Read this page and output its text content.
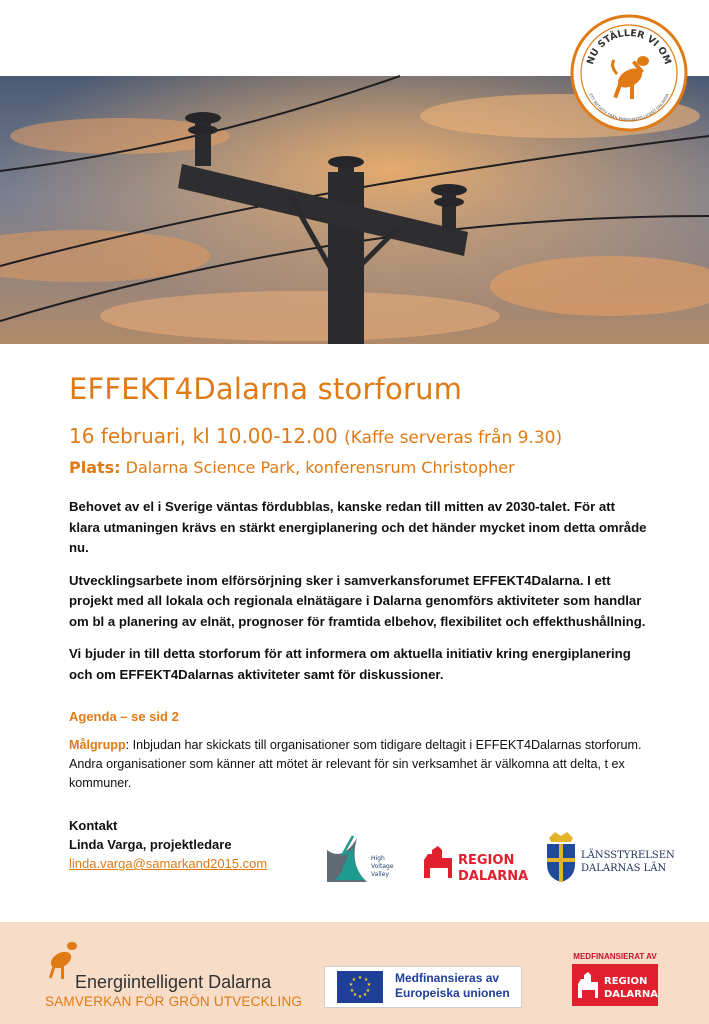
NU STÄLLER VI OM
ETT INITIATIV FRÅN ENERGIINTELLIGENT DALARNA
EFFEKT4Dalarna storforum
16 februari, kl 10.00-12.00 (Kaffe serveras från 9.30)
Plats: Dalarna Science Park, konferensrum Christopher

Behovet av el i Sverige väntas fördubblas, kanske redan till mitten av 2030-talet. För att klara utmaningen krävs en stärkt energiplanering och det händer mycket inom detta område nu.

Utvecklingsarbete inom elförsörjning sker i samverkansforumet EFFEKT4Dalarna. I ett projekt med all lokala och regionala elnätägare i Dalarna genomförs aktiviteter som handlar om bl a planering av elnät, prognoser för framtida elbehov, flexibilitet och effekthushållning.

Vi bjuder in till detta storforum för att informera om aktuella initiativ kring energiplanering och om EFFEKT4Dalarnas aktiviteter samt för diskussioner.

Agenda – se sid 2
Målgrupp: Inbjudan har skickats till organisationer som tidigare deltagit i EFFEKT4Dalarnas storforum. Andra organisationer som känner att mötet är relevant för sin verksamhet är välkomna att delta, t ex kommuner.
Kontakt
Linda Varga, projektledare
linda.varga@samarkand2015.com	High
Voltage
Valley
REGION
DALARNA
LÄNSSTYRELSEN
DALARNAS LÄN
Energiintelligent Dalarna
SAMVERKAN FÖR GRÖN UTVECKLING
★ ★
★
★
★
★
★
★
★
★	Medfinansieras av
Europeiska unionen
MEDFINANSIERAT AV
REGION
DALARNA
